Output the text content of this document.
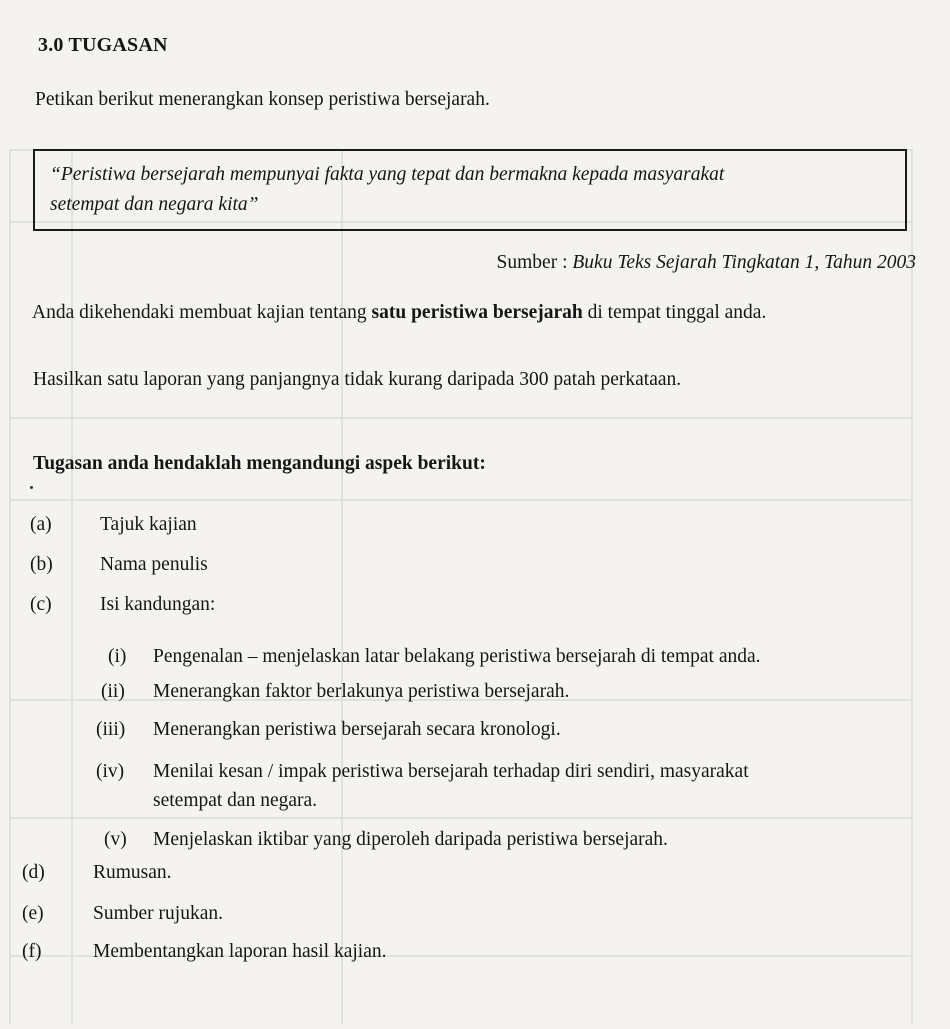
3.0 TUGASAN
Petikan berikut menerangkan konsep peristiwa bersejarah.
“Peristiwa bersejarah mempunyai fakta yang tepat dan bermakna kepada masyarakat
setempat dan negara kita”
Sumber : Buku Teks Sejarah Tingkatan 1, Tahun 2003
Anda dikehendaki membuat kajian tentang satu peristiwa bersejarah di tempat tinggal anda.
Hasilkan satu laporan yang panjangnya tidak kurang daripada 300 patah perkataan.
Tugasan anda hendaklah mengandungi aspek berikut:
(a) Tajuk kajian
(b) Nama penulis
(c) Isi kandungan:
(i) Pengenalan – menjelaskan latar belakang peristiwa bersejarah di tempat anda.
(ii) Menerangkan faktor berlakunya peristiwa bersejarah.
(iii) Menerangkan peristiwa bersejarah secara kronologi.
(iv) Menilai kesan / impak peristiwa bersejarah terhadap diri sendiri, masyarakat
setempat dan negara.
(v) Menjelaskan iktibar yang diperoleh daripada peristiwa bersejarah.
(d) Rumusan.
(e)	Sumber rujukan.
(f)	Membentangkan laporan hasil kajian.
